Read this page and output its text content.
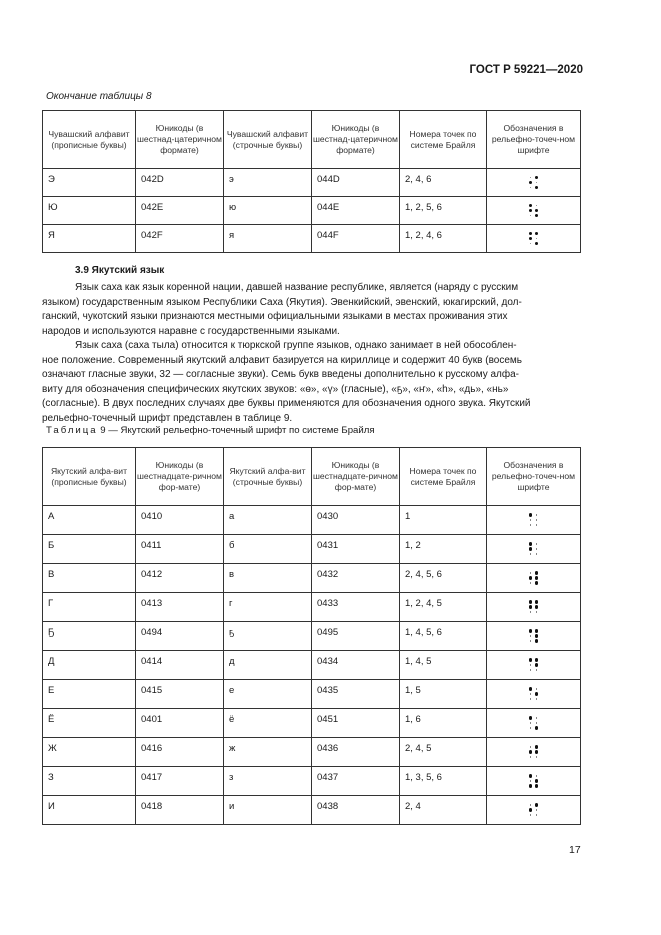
ГОСТ Р 59221—2020
Окончание таблицы 8
Чувашский алфавит (прописные буквы)	Юникоды (в шестнад-цатеричном формате)	Чувашский алфавит (строчные буквы)	Юникоды (в шестнад-цатеричном формате)	Номера точек по системе Брайля	Обозначения в рельефно-точеч-ном шрифте
Э	042D	э	044D	2, 4, 6	

Ю	042E	ю	044E	1, 2, 5, 6	

Я	042F	я	044F	1, 2, 4, 6	
3.9 Якутский язык
Язык саха как язык коренной нации, давшей название республике, является (наряду с русским
языком) государственным языком Республики Саха (Якутия). Эвенкийский, эвенский, юкагирский, дол-
ганский, чукотский языки признаются местными официальными языками в местах проживания этих
народов и используются наравне с государственными языками.
Язык саха (саха тыла) относится к тюркской группе языков, однако занимает в ней обособлен-
ное положение. Современный якутский алфавит базируется на кириллице и содержит 40 букв (восемь
означают гласные звуки, 32 — согласные звуки). Семь букв введены дополнительно к русскому алфа-
виту для обозначения специфических якутских звуков: «ө», «ү» (гласные), «ҕ», «ҥ», «һ», «дь», «нь»
(согласные). В двух последних случаях две буквы применяются для обозначения одного звука. Якутский
рельефно-точечный шрифт представлен в таблице 9.
Таблица 9 — Якутский рельефно-точечный шрифт по системе Брайля
Якутский алфа-вит (прописные буквы)	Юникоды (в шестнадцате-ричном фор-мате)	Якутский алфа-вит (строчные буквы)	Юникоды (в шестнадцате-ричном фор-мате)	Номера точек по системе Брайля	Обозначения в рельефно-точеч-ном шрифте
А	0410	а	0430	1	

Б	0411	б	0431	1, 2	

В	0412	в	0432	2, 4, 5, 6	

Г	0413	г	0433	1, 2, 4, 5	

Ҕ	0494	ҕ	0495	1, 4, 5, 6	

Д	0414	д	0434	1, 4, 5	

Е	0415	е	0435	1, 5	

Ё	0401	ё	0451	1, 6	

Ж	0416	ж	0436	2, 4, 5	

З	0417	з	0437	1, 3, 5, 6	

И	0418	и	0438	2, 4	
17
